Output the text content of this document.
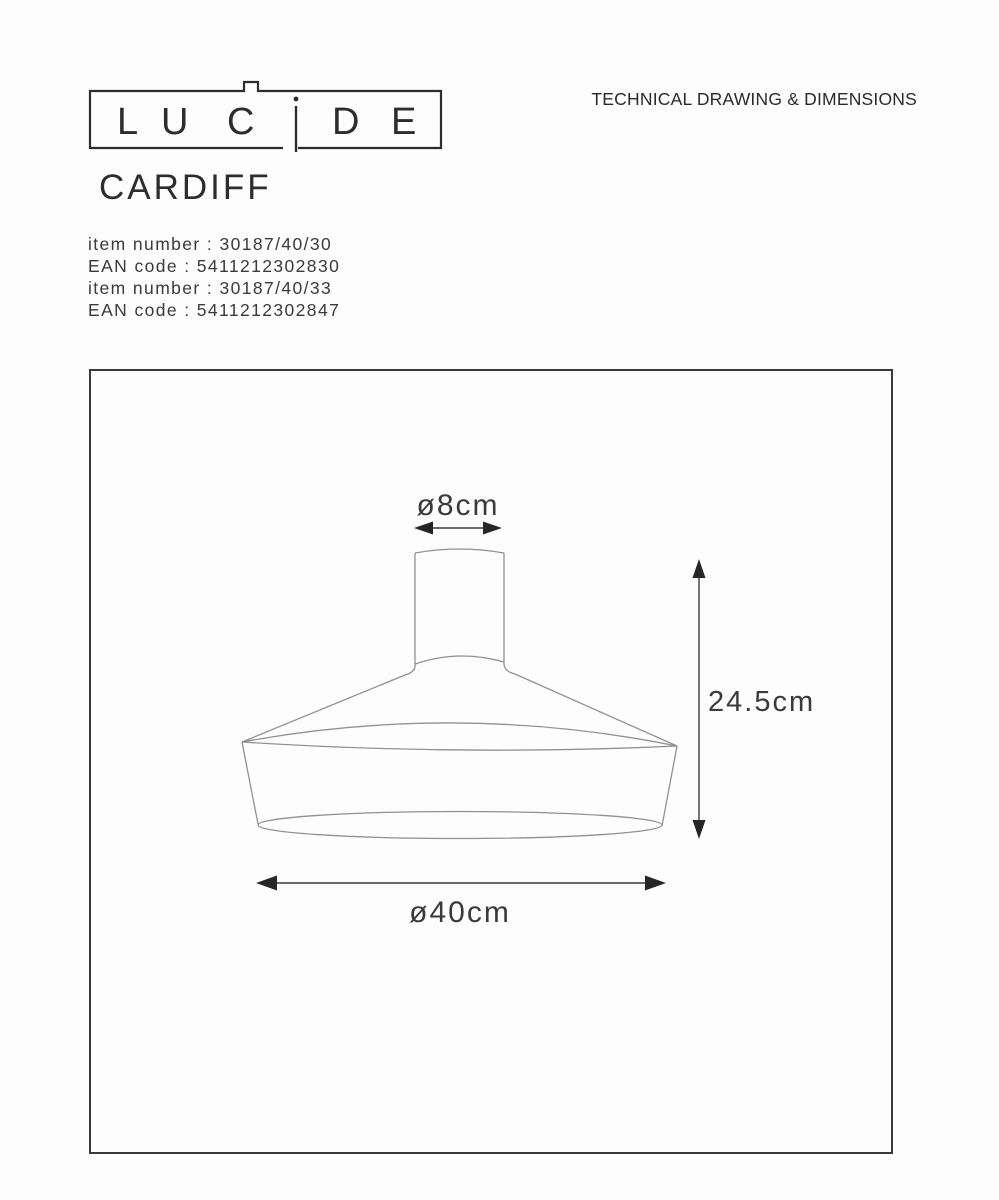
L U C D E
CARDIFF
item number : 30187/40/30
EAN code : 5411212302830
item number : 30187/40/33
EAN code : 5411212302847
TECHNICAL DRAWING & DIMENSIONS
ø8cm
24.5cm
ø40cm
